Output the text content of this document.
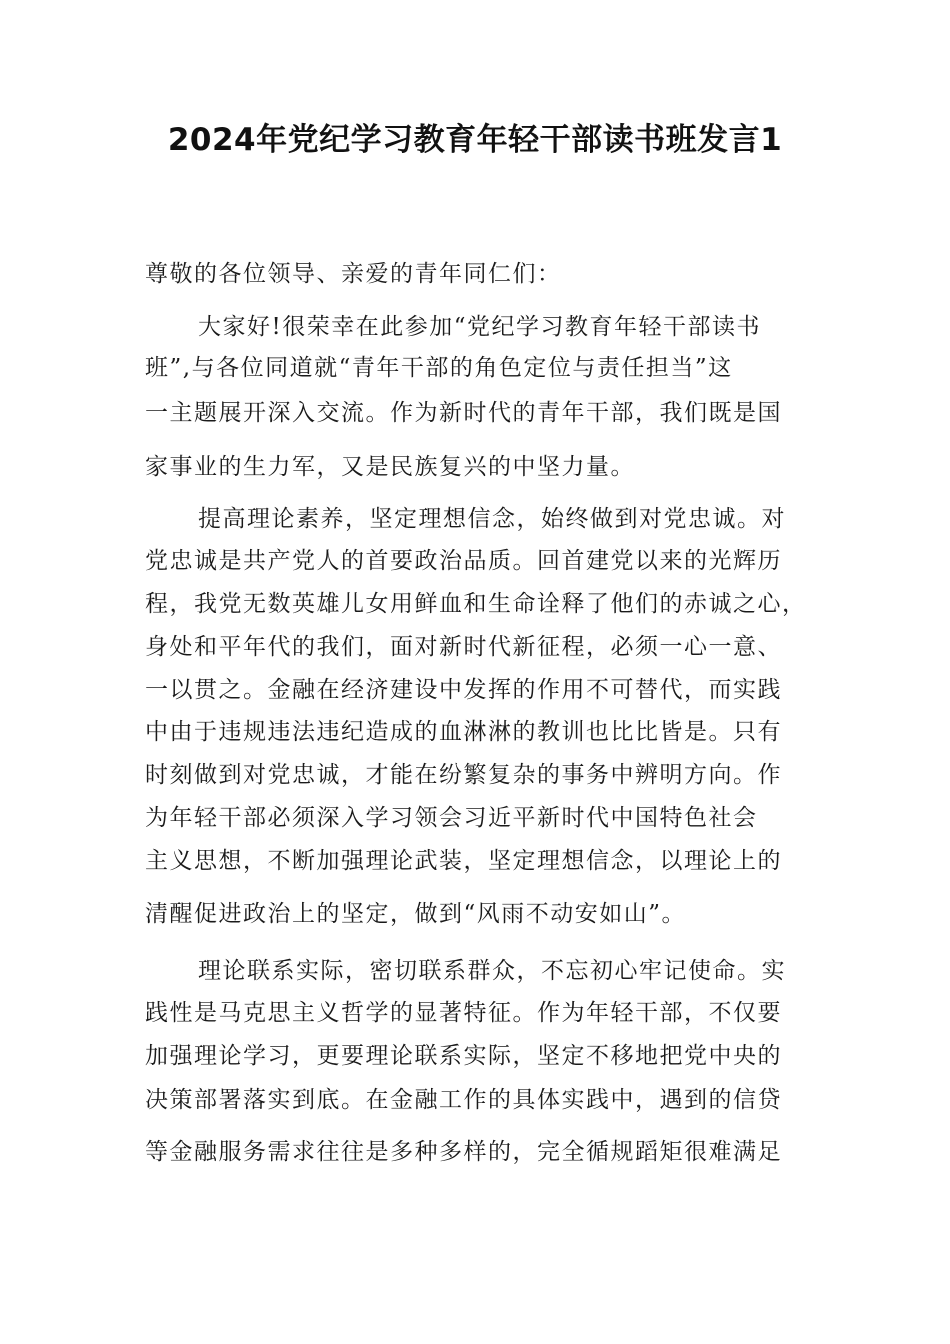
2024年党纪学习教育年轻干部读书班发言1
尊敬的各位领导、亲爱的青年同仁们：
大家好!很荣幸在此参加“党纪学习教育年轻干部读书
班”,与各位同道就“青年干部的角色定位与责任担当”这
一主题展开深入交流。作为新时代的青年干部，我们既是国
家事业的生力军，又是民族复兴的中坚力量。
提高理论素养，坚定理想信念，始终做到对党忠诚。对
党忠诚是共产党人的首要政治品质。回首建党以来的光辉历
程，我党无数英雄儿女用鲜血和生命诠释了他们的赤诚之心，
身处和平年代的我们，面对新时代新征程，必须一心一意、
一以贯之。金融在经济建设中发挥的作用不可替代，而实践
中由于违规违法违纪造成的血淋淋的教训也比比皆是。只有
时刻做到对党忠诚，才能在纷繁复杂的事务中辨明方向。作
为年轻干部必须深入学习领会习近平新时代中国特色社会
主义思想，不断加强理论武装，坚定理想信念，以理论上的
清醒促进政治上的坚定，做到“风雨不动安如山”。
理论联系实际，密切联系群众，不忘初心牢记使命。实
践性是马克思主义哲学的显著特征。作为年轻干部，不仅要
加强理论学习，更要理论联系实际，坚定不移地把党中央的
决策部署落实到底。在金融工作的具体实践中，遇到的信贷
等金融服务需求往往是多种多样的，完全循规蹈矩很难满足
